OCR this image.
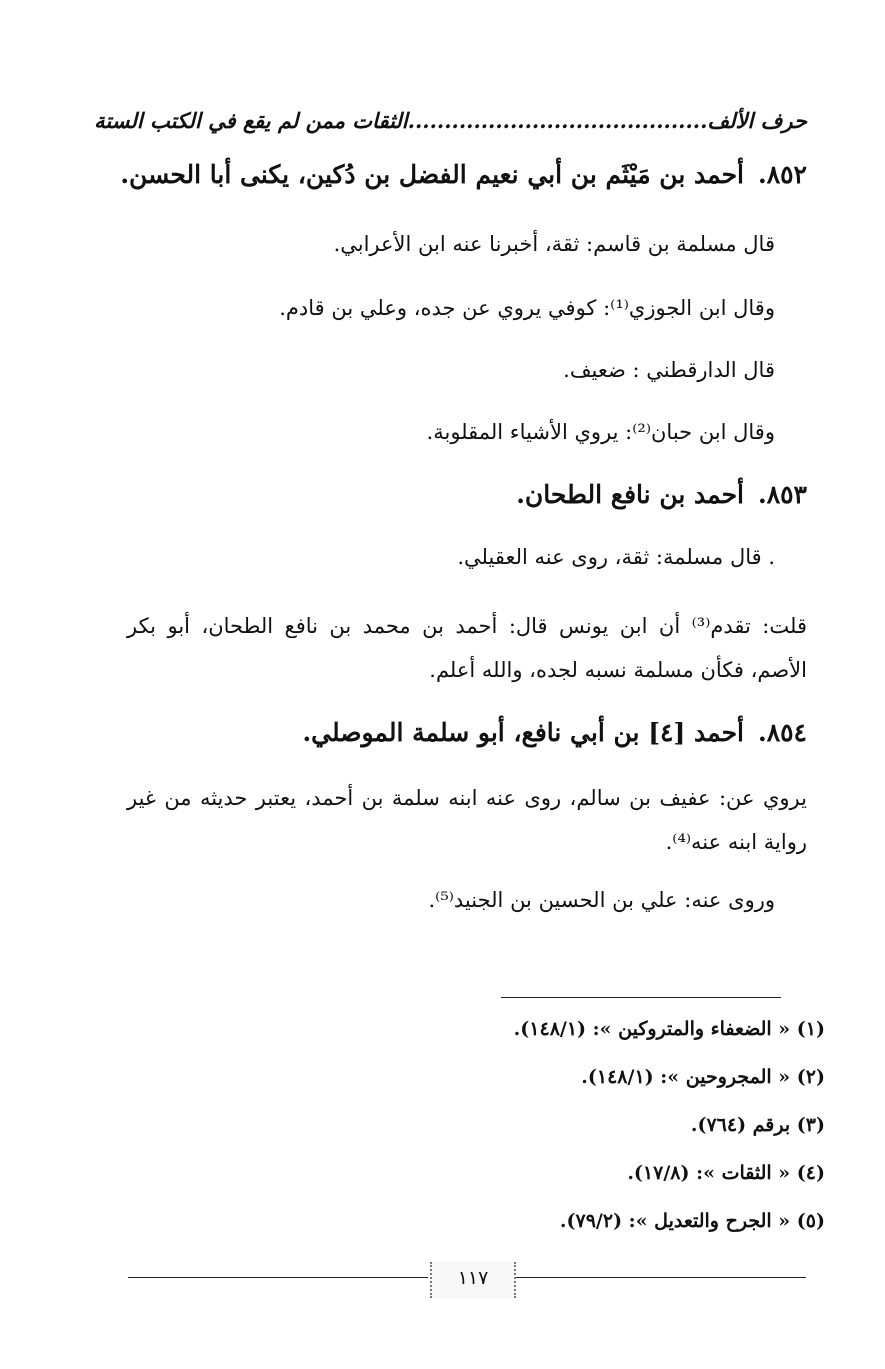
حرف الألف.........................................الثقات ممن لم يقع في الكتب الستة
٨٥٢.أحمد بن مَيْثَم بن أبي نعيم الفضل بن دُكين، يكنى أبا الحسن.
قال مسلمة بن قاسم: ثقة، أخبرنا عنه ابن الأعرابي.
وقال ابن الجوزي⁽¹⁾: كوفي يروي عن جده، وعلي بن قادم.
قال الدارقطني : ضعيف.
وقال ابن حبان⁽²⁾: يروي الأشياء المقلوبة.
٨٥٣.أحمد بن نافع الطحان.
. قال مسلمة: ثقة، روى عنه العقيلي.
قلت: تقدم⁽³⁾ أن ابن يونس قال: أحمد بن محمد بن نافع الطحان، أبو بكر الأصم، فكأن مسلمة نسبه لجده، والله أعلم.
٨٥٤.أحمد [٤] بن أبي نافع، أبو سلمة الموصلي.
يروي عن: عفيف بن سالم، روى عنه ابنه سلمة بن أحمد، يعتبر حديثه من غير رواية ابنه عنه⁽⁴⁾.
وروى عنه: علي بن الحسين بن الجنيد⁽⁵⁾.
(١) « الضعفاء والمتروكين »: (١٤٨/١).
(٢) « المجروحين »: (١٤٨/١).
(٣) برقم (٧٦٤).
(٤) « الثقات »: (١٧/٨).
(٥) « الجرح والتعديل »: (٧٩/٢).
١١٧
